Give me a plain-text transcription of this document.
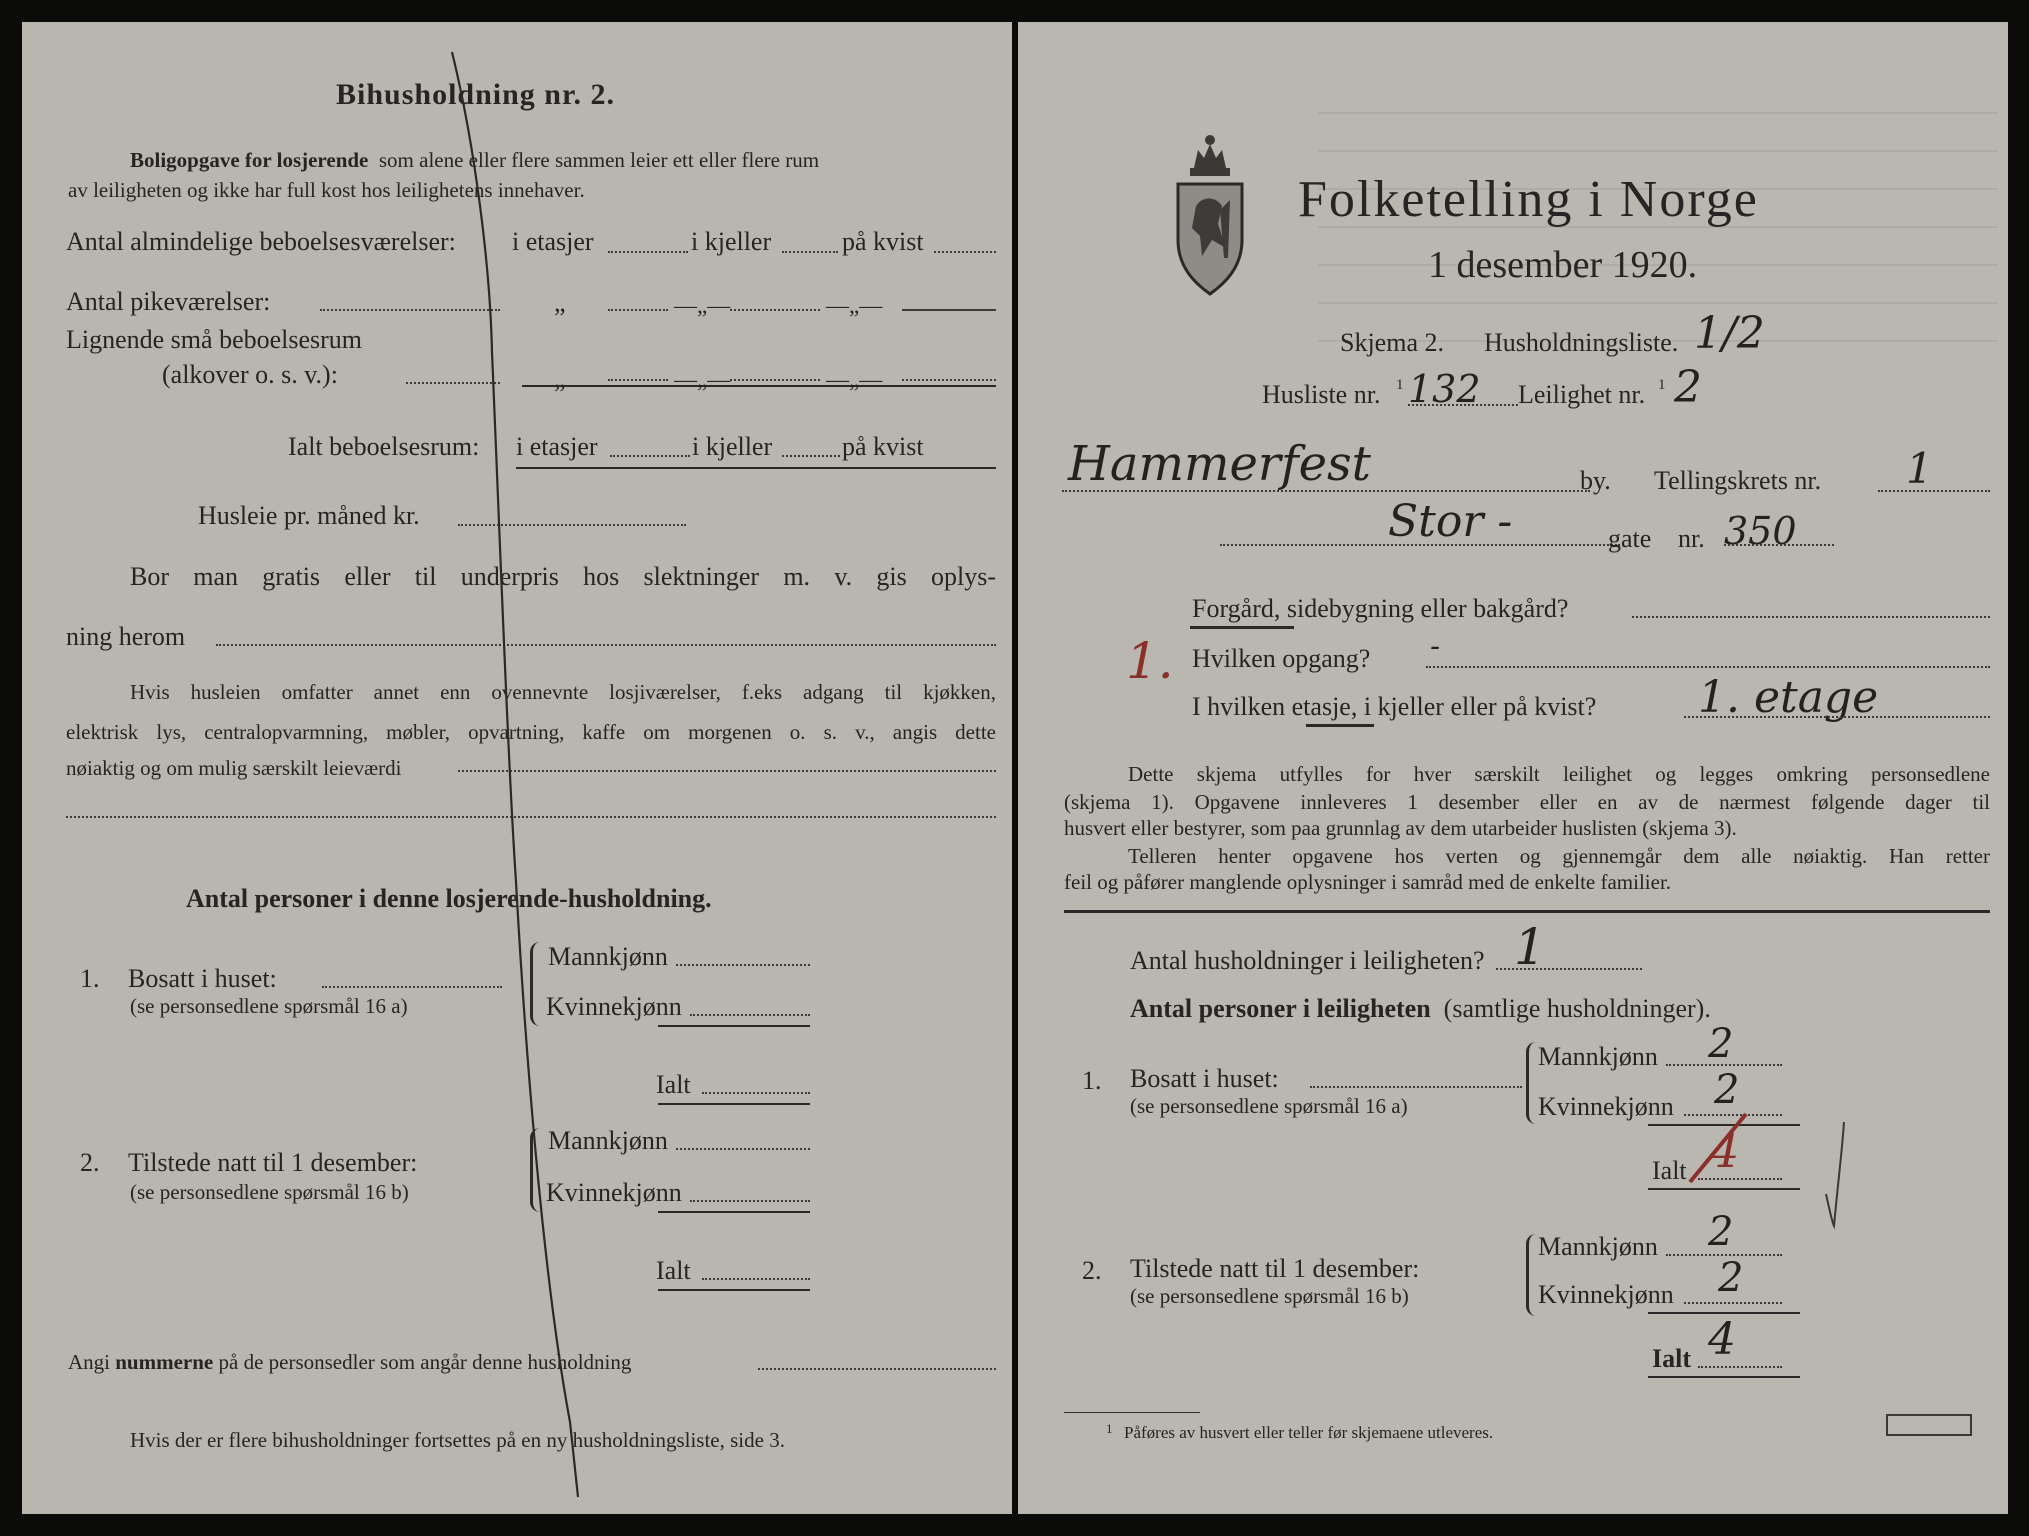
Bihusholdning nr. 2.
Boligopgave for losjerende som alene eller flere sammen leier ett eller flere rum
av leiligheten og ikke har full kost hos leilighetens innehaver.
Antal almindelige beboelsesværelser: i etasjer	i kjeller	på kvist
Antal pikeværelser:	„	—„—	—„—
Lignende små beboelsesrum
(alkover o. s. v.):	„	—„—	—„—
Ialt beboelsesrum: i etasjer	i kjeller	på kvist
Husleie pr. måned kr.
Bor man gratis eller til underpris hos slektninger m. v. gis oplys-
ning herom
Hvis husleien omfatter annet enn ovennevnte losjiværelser, f.eks adgang til kjøkken,
elektrisk lys, centralopvarmning, møbler, opvartning, kaffe om morgenen o. s. v., angis dette
nøiaktig og om mulig særskilt leieværdi
Antal personer i denne losjerende-husholdning.
1. Bosatt i huset:
(se personsedlene spørsmål 16 a)
Mannkjønn
Kvinnekjønn
Ialt
2. Tilstede natt til 1 desember:
(se personsedlene spørsmål 16 b)
Mannkjønn
Kvinnekjønn
Ialt
Angi nummerne på de personsedler som angår denne husholdning
Hvis der er flere bihusholdninger fortsettes på en ny husholdningsliste, side 3.
Folketelling i Norge
1 desember 1920.
Skjema 2. Husholdningsliste. 1/2
Husliste nr. 1 132 Leilighet nr. 1 2
Hammerfest	by. Tellingskrets nr. 1
Stor -	gate nr. 350
Forgård, sidebygning eller bakgård?
1. Hvilken opgang? -
I hvilken etasje, i kjeller eller på kvist? 1. etage
Dette skjema utfylles for hver særskilt leilighet og legges omkring personsedlene
(skjema 1). Opgavene innleveres 1 desember eller en av de nærmest følgende dager til
husvert eller bestyrer, som paa grunnlag av dem utarbeider huslisten (skjema 3).
Telleren henter opgavene hos verten og gjennemgår dem alle nøiaktig. Han retter
feil og påfører manglende oplysninger i samråd med de enkelte familier.
Antal husholdninger i leiligheten? 1
Antal personer i leiligheten (samtlige husholdninger).
1. Bosatt i huset:
(se personsedlene spørsmål 16 a)
Mannkjønn 2
Kvinnekjønn 2
Ialt 4
2. Tilstede natt til 1 desember:
(se personsedlene spørsmål 16 b)
Mannkjønn 2
Kvinnekjønn 2
Ialt 4
1 Påføres av husvert eller teller før skjemaene utleveres.
